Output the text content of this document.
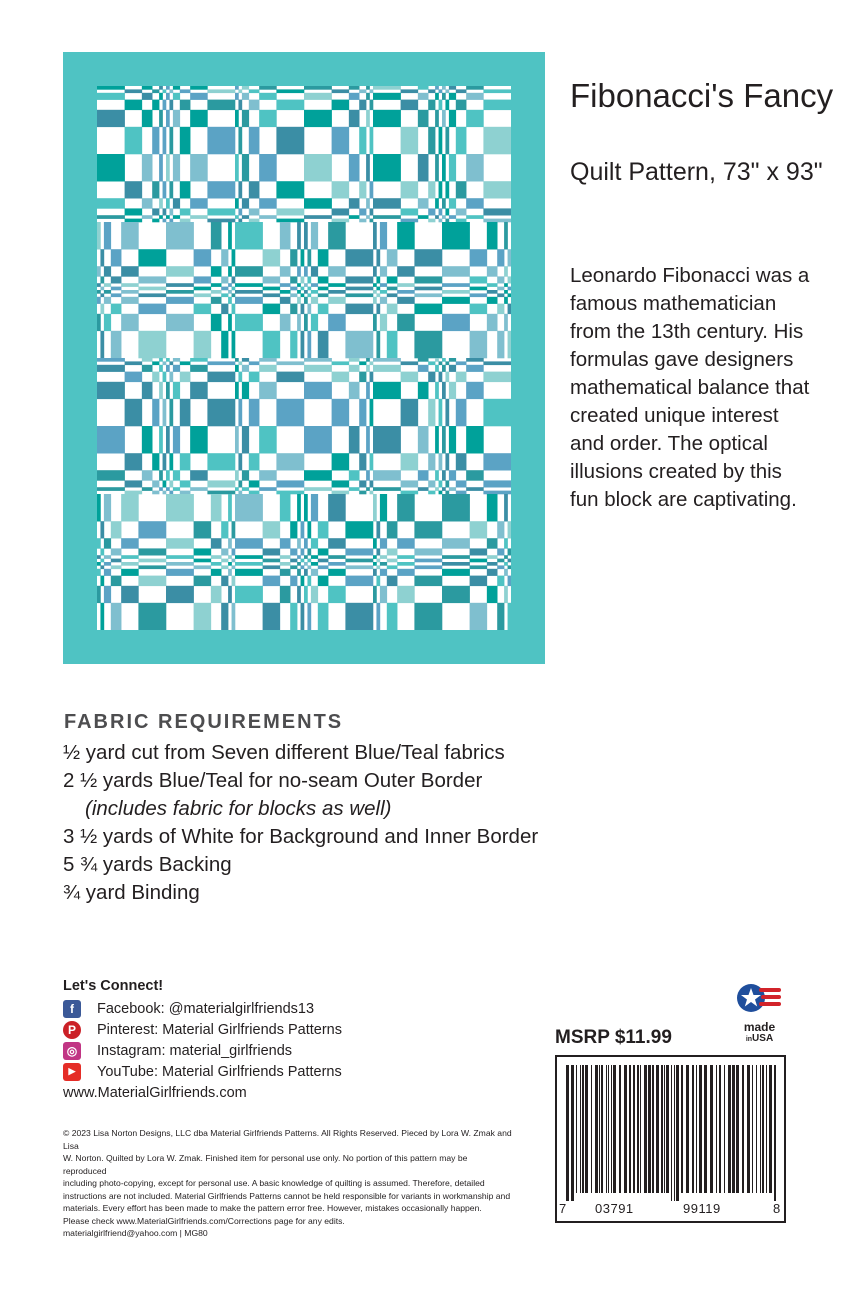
Fibonacci's Fancy
Quilt Pattern, 73" x 93"
Leonardo Fibonacci was a famous mathematician from the 13th century. His formulas gave designers mathematical balance that created unique interest and order. The optical illusions created by this fun block are captivating.
FABRIC REQUIREMENTS
½ yard cut from Seven different Blue/Teal fabrics
2 ½ yards Blue/Teal for no-seam Outer Border
(includes fabric for blocks as well)
3 ½ yards of White for Background and Inner Border
5 ¾ yards Backing
¾ yard Binding
Let's Connect!
f	Facebook: @materialgirlfriends13
P	Pinterest: Material Girlfriends Patterns
◎ Instagram: material_girlfriends
▶	YouTube: Material Girlfriends Patterns
www.MaterialGirlfriends.com

© 2023 Lisa Norton Designs, LLC dba Material Girlfriends Patterns. All Rights Reserved. Pieced by Lora W. Zmak and Lisa

W. Norton. Quilted by Lora W. Zmak. Finished item for personal use only. No portion of this pattern may be reproduced

including photo-copying, except for personal use. A basic knowledge of quilting is assumed. Therefore, detailed

instructions are not included. Material Girlfriends Patterns cannot be held responsible for variants in workmanship and

materials. Every effort has been made to make the pattern error free. However, mistakes occasionally happen.

Please check www.MaterialGirlfriends.com/Corrections page for any edits.

materialgirlfriend@yahoo.com | MG80

made
inUSA
MSRP $11.99
7 03791	99119	8
